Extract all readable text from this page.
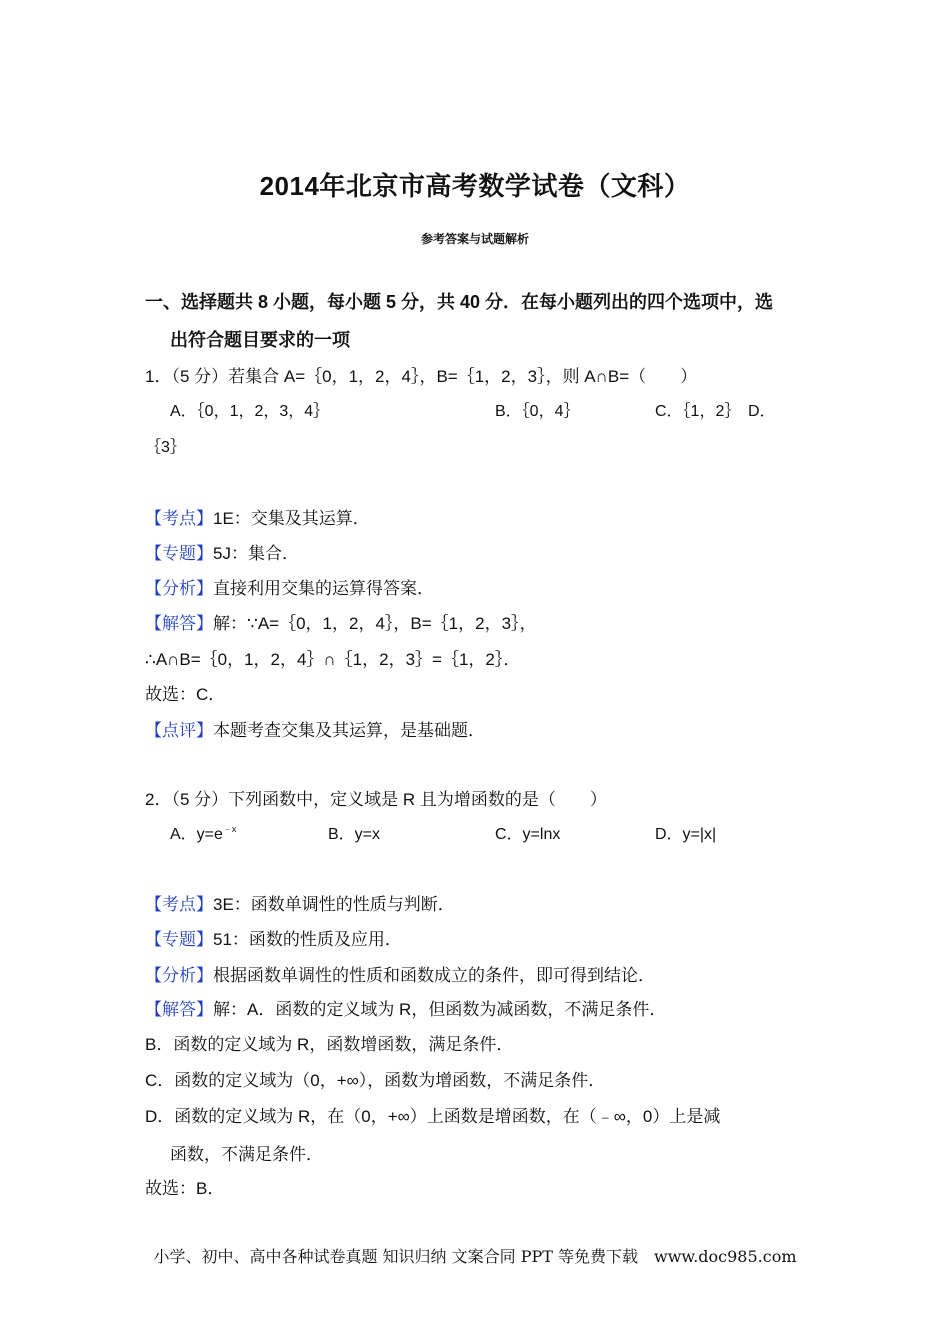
2014年北京市高考数学试卷（文科）
参考答案与试题解析
一、选择题共 8 小题，每小题 5 分，共 40 分．在每小题列出的四个选项中，选
出符合题目要求的一项
1．（5 分）若集合 A=｛0，1，2，4｝，B=｛1，2，3｝，则 A∩B=（　　）
A．｛0，1，2，3，4｝	B．｛0，4｝	C．｛1，2｝ D．
｛3｝
【考点】1E：交集及其运算．
【专题】5J：集合．
【分析】直接利用交集的运算得答案．
【解答】解：∵A=｛0，1，2，4｝，B=｛1，2，3｝，
∴A∩B=｛0，1，2，4｝∩｛1，2，3｝=｛1，2｝．
故选：C．
【点评】本题考查交集及其运算，是基础题．
2．（5 分）下列函数中，定义域是 R 且为增函数的是（　　）
A．$y=e^{﹣x}$	B．y=x	C．y=lnx	D．y=|x|
【考点】3E：函数单调性的性质与判断．
【专题】51：函数的性质及应用．
【分析】根据函数单调性的性质和函数成立的条件，即可得到结论．
【解答】解：A．函数的定义域为 R，但函数为减函数，不满足条件．
B．函数的定义域为 R，函数增函数，满足条件．
C．函数的定义域为（0，+∞），函数为增函数，不满足条件．
D．函数的定义域为 R，在（0，+∞）上函数是增函数，在（﹣∞，0）上是减
函数，不满足条件．
故选：B．
小学、初中、高中各种试卷真题 知识归纳 文案合同 PPT 等免费下载　www.doc985.com
